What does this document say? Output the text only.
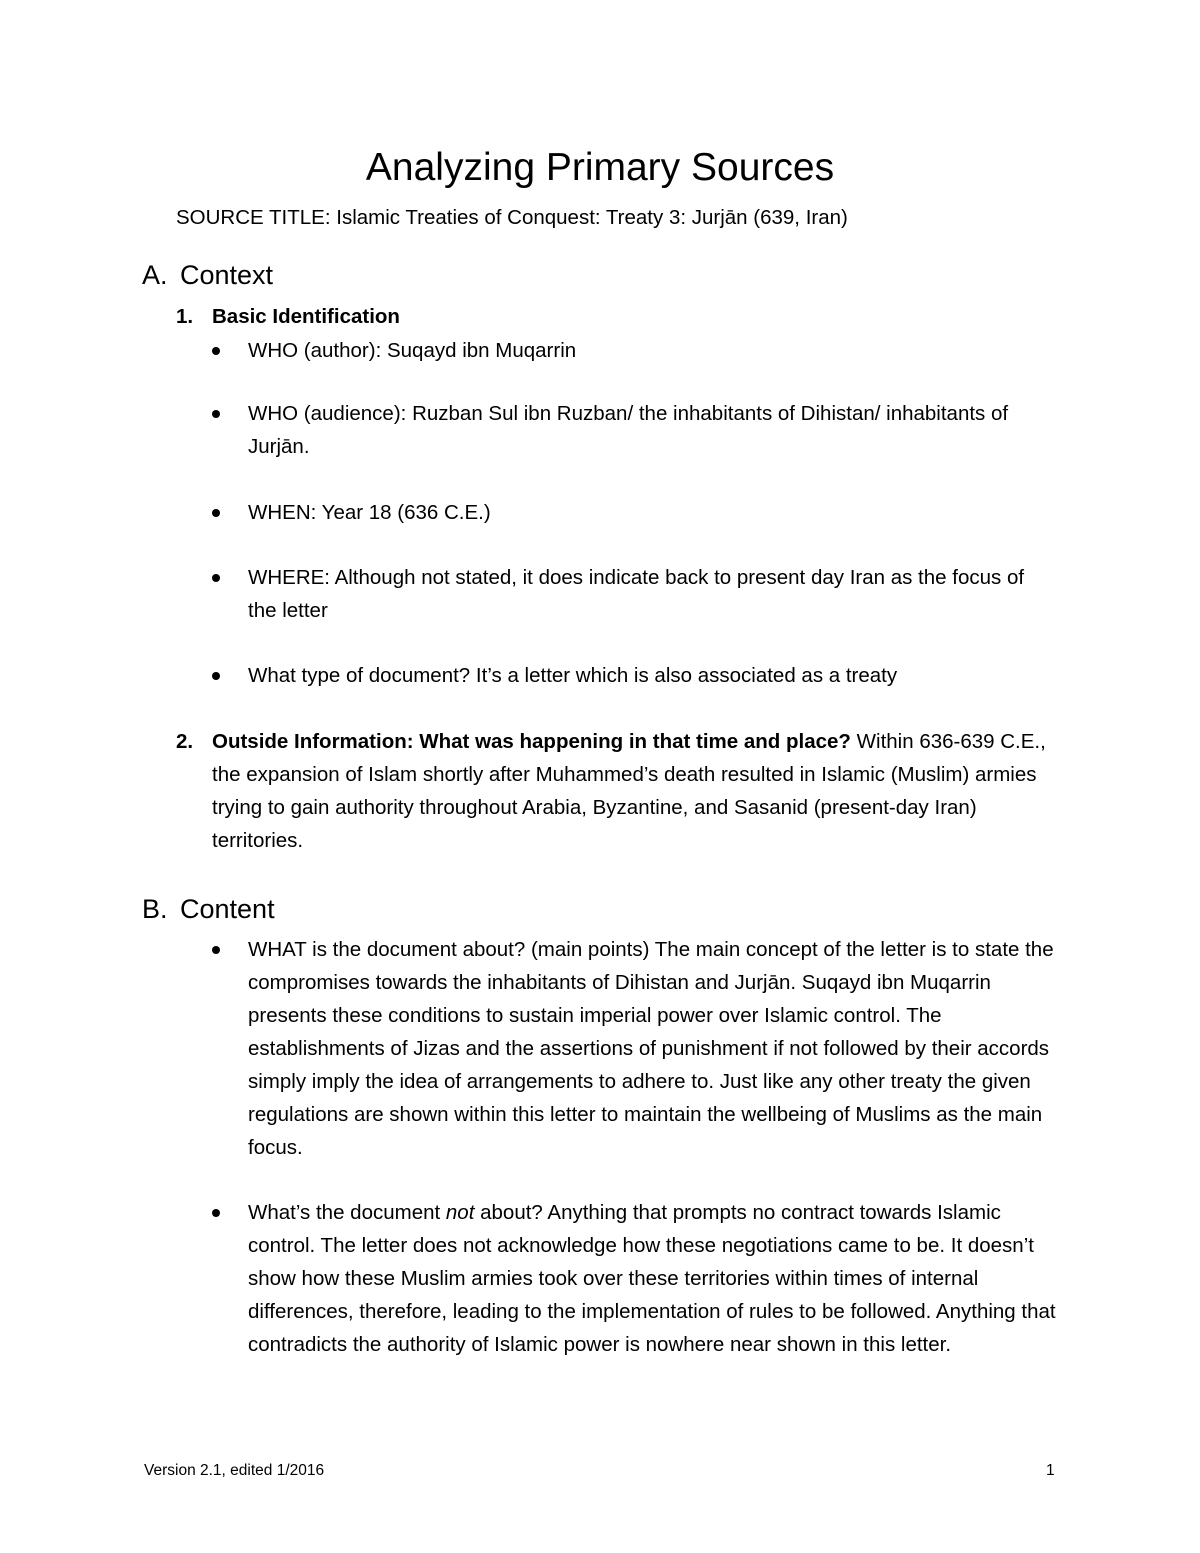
Analyzing Primary Sources
SOURCE TITLE: Islamic Treaties of Conquest: Treaty 3: Jurjān (639, Iran)
A. Context
1. Basic Identification
WHO (author): Suqayd ibn Muqarrin
WHO (audience): Ruzban Sul ibn Ruzban/ the inhabitants of Dihistan/ inhabitants of Jurjān.
WHEN: Year 18 (636 C.E.)
WHERE: Although not stated, it does indicate back to present day Iran as the focus of the letter
What type of document? It’s a letter which is also associated as a treaty
2. Outside Information: What was happening in that time and place? Within 636-639 C.E., the expansion of Islam shortly after Muhammed’s death resulted in Islamic (Muslim) armies trying to gain authority throughout Arabia, Byzantine, and Sasanid (present-day Iran) territories.
B. Content
WHAT is the document about? (main points) The main concept of the letter is to state the compromises towards the inhabitants of Dihistan and Jurjān. Suqayd ibn Muqarrin presents these conditions to sustain imperial power over Islamic control. The establishments of Jizas and the assertions of punishment if not followed by their accords simply imply the idea of arrangements to adhere to. Just like any other treaty the given regulations are shown within this letter to maintain the wellbeing of Muslims as the main focus.
What’s the document not about? Anything that prompts no contract towards Islamic control. The letter does not acknowledge how these negotiations came to be. It doesn’t show how these Muslim armies took over these territories within times of internal differences, therefore, leading to the implementation of rules to be followed. Anything that contradicts the authority of Islamic power is nowhere near shown in this letter.
Version 2.1, edited 1/2016	1
